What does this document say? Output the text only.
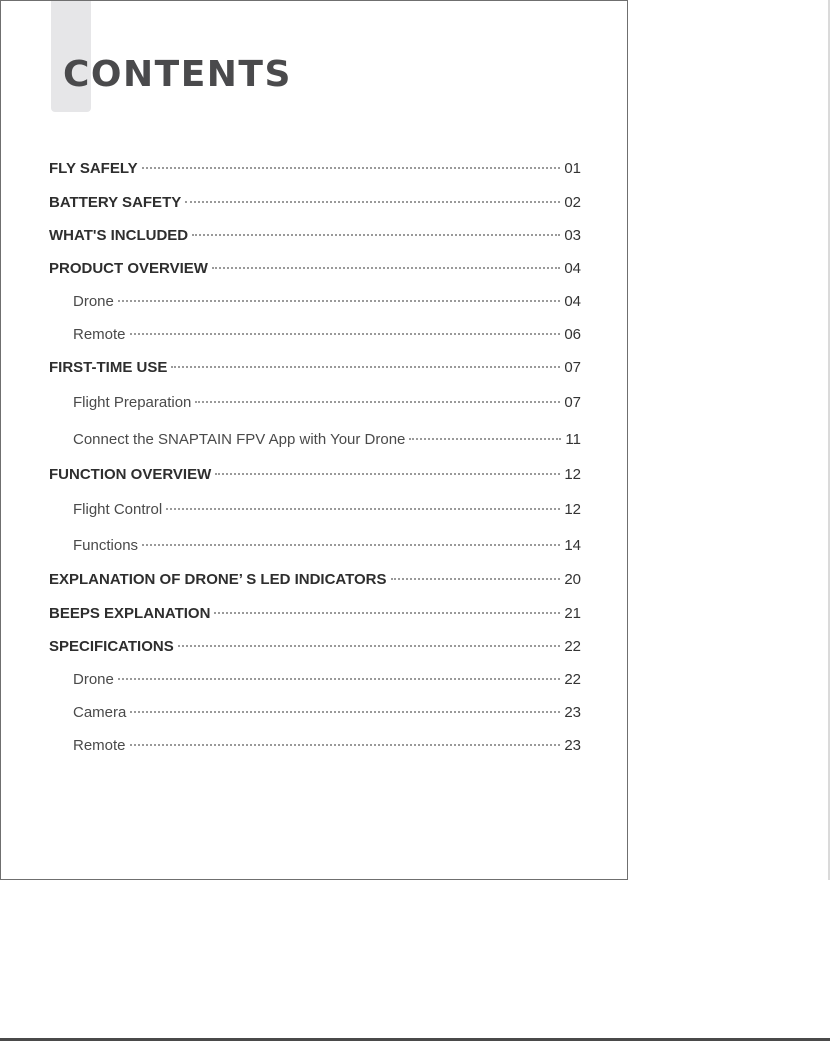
CONTENTS
FLY SAFELY	01
BATTERY SAFETY	02
WHAT'S INCLUDED	03
PRODUCT OVERVIEW	04
Drone	04
Remote	06
FIRST-TIME USE	07
Flight Preparation	07
Connect the SNAPTAIN FPV App with Your Drone	11
FUNCTION OVERVIEW	12
Flight Control	12
Functions	14
EXPLANATION OF DRONE’ S LED INDICATORS	20
BEEPS EXPLANATION	21
SPECIFICATIONS	22
Drone	22
Camera	23
Remote	23
